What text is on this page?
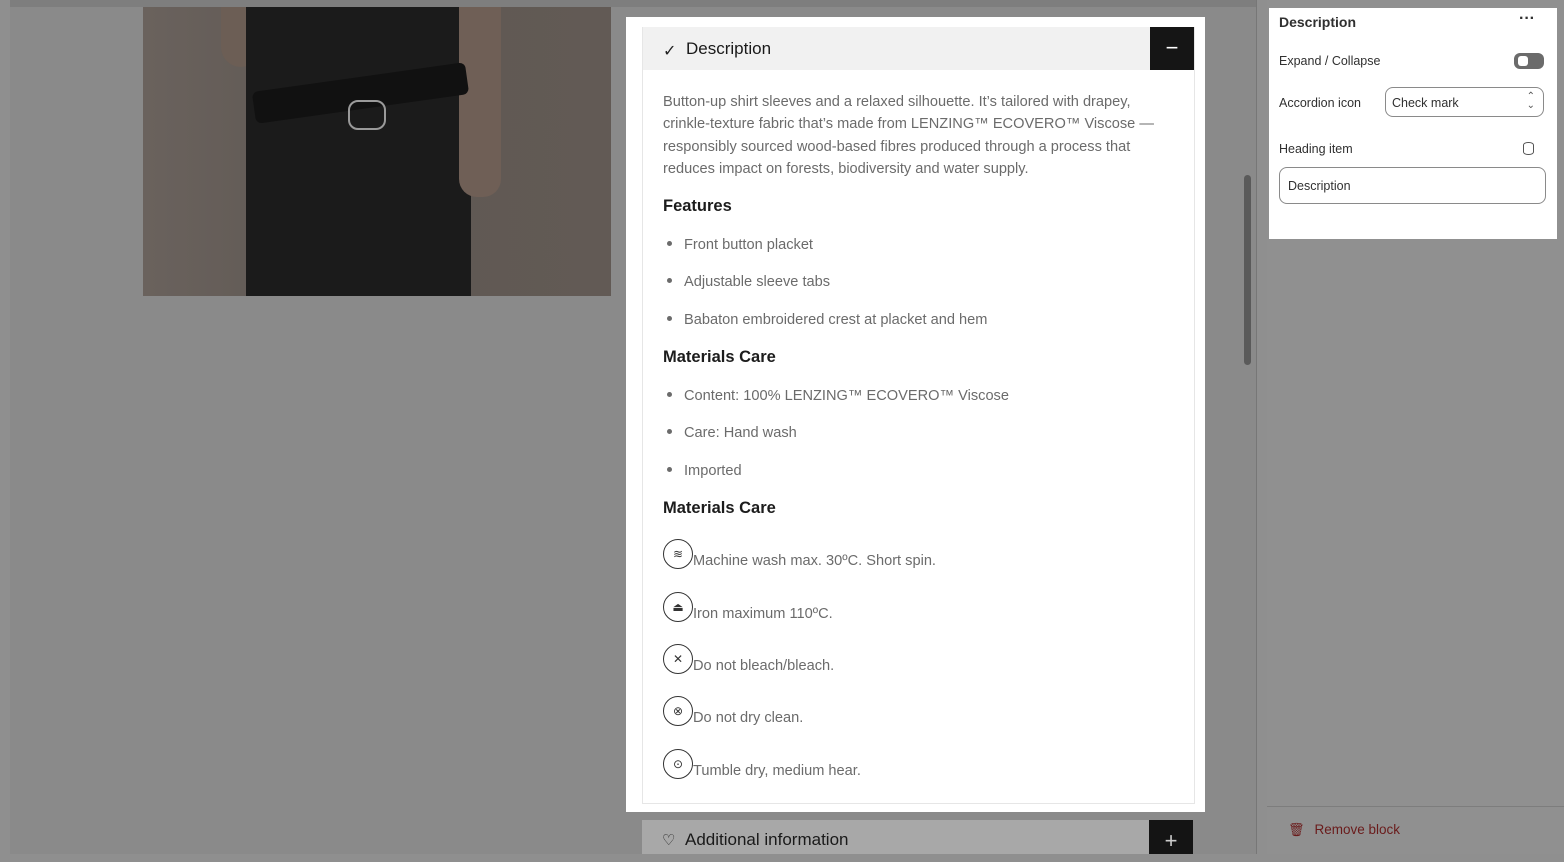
✓ Description	−

Button-up shirt sleeves and a relaxed silhouette. It’s tailored with drapey, crinkle-texture fabric that’s made from LENZING™ ECOVERO™ Viscose — responsibly sourced wood-based fibres produced through a process that reduces impact on forests, biodiversity and water supply.

Features
Front button placket
Adjustable sleeve tabs
Babaton embroidered crest at placket and hem
Materials Care
Content: 100% LENZING™ ECOVERO™ Viscose
Care: Hand wash
Imported
Materials Care
≋ Machine wash max. 30ºC. Short spin.
⏏ Iron maximum 110ºC.
✕ Do not bleach/bleach.
⊗ Do not dry clean.
⊙ Tumble dry, medium hear.
♡ Additional information	+
Description	···
Expand / Collapse
Accordion icon Check mark	⌃
⌄
Heading item
Description
🗑 Remove block
